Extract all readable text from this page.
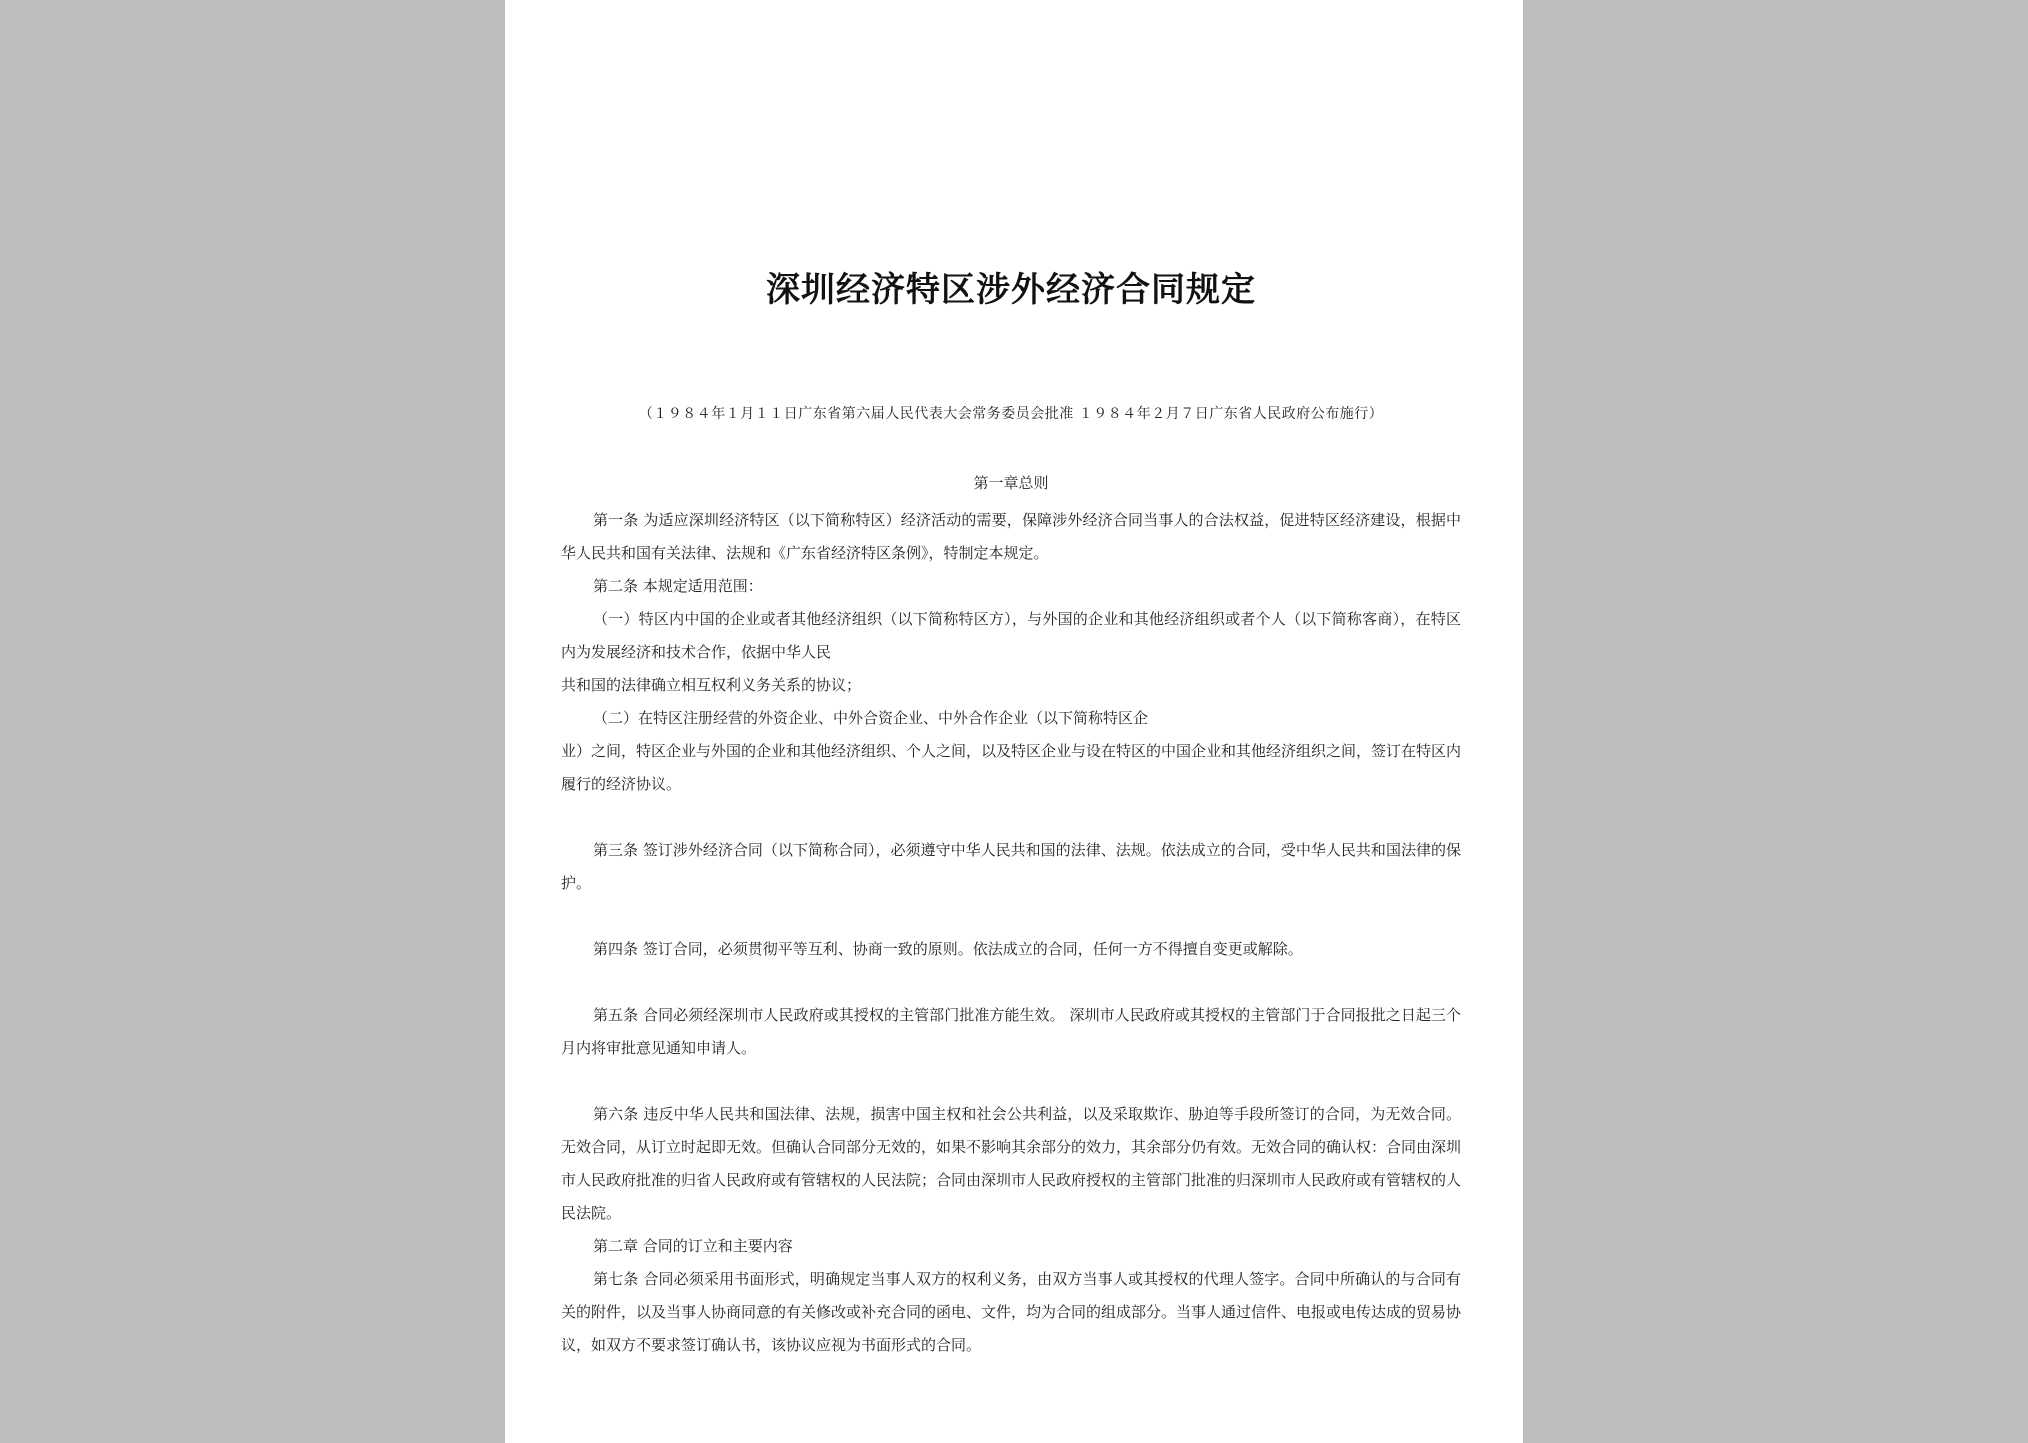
深圳经济特区涉外经济合同规定
（１９８４年１月１１日广东省第六届人民代表大会常务委员会批准 １９８４年２月７日广东省人民政府公布施行）
第一章总则

第一条 为适应深圳经济特区（以下简称特区）经济活动的需要，保障涉外经济合同当事人的合法权益，促进特区经济建设，根据中华人民共和国有关法律、法规和《广东省经济特区条例》，特制定本规定。

第二条 本规定适用范围：

（一）特区内中国的企业或者其他经济组织（以下简称特区方），与外国的企业和其他经济组织或者个人（以下简称客商），在特区内为发展经济和技术合作，依据中华人民

共和国的法律确立相互权利义务关系的协议；

（二）在特区注册经营的外资企业、中外合资企业、中外合作企业（以下简称特区企

业）之间，特区企业与外国的企业和其他经济组织、个人之间，以及特区企业与设在特区的中国企业和其他经济组织之间，签订在特区内履行的经济协议。

第三条 签订涉外经济合同（以下简称合同），必须遵守中华人民共和国的法律、法规。依法成立的合同，受中华人民共和国法律的保护。

第四条 签订合同，必须贯彻平等互利、协商一致的原则。依法成立的合同，任何一方不得擅自变更或解除。

第五条 合同必须经深圳市人民政府或其授权的主管部门批准方能生效。 深圳市人民政府或其授权的主管部门于合同报批之日起三个月内将审批意见通知申请人。

第六条 违反中华人民共和国法律、法规，损害中国主权和社会公共利益，以及采取欺诈、胁迫等手段所签订的合同，为无效合同。无效合同，从订立时起即无效。但确认合同部分无效的，如果不影响其余部分的效力，其余部分仍有效。无效合同的确认权：合同由深圳市人民政府批准的归省人民政府或有管辖权的人民法院；合同由深圳市人民政府授权的主管部门批准的归深圳市人民政府或有管辖权的人民法院。

第二章 合同的订立和主要内容

第七条 合同必须采用书面形式，明确规定当事人双方的权利义务，由双方当事人或其授权的代理人签字。合同中所确认的与合同有关的附件，以及当事人协商同意的有关修改或补充合同的函电、文件，均为合同的组成部分。当事人通过信件、电报或电传达成的贸易协议，如双方不要求签订确认书，该协议应视为书面形式的合同。
